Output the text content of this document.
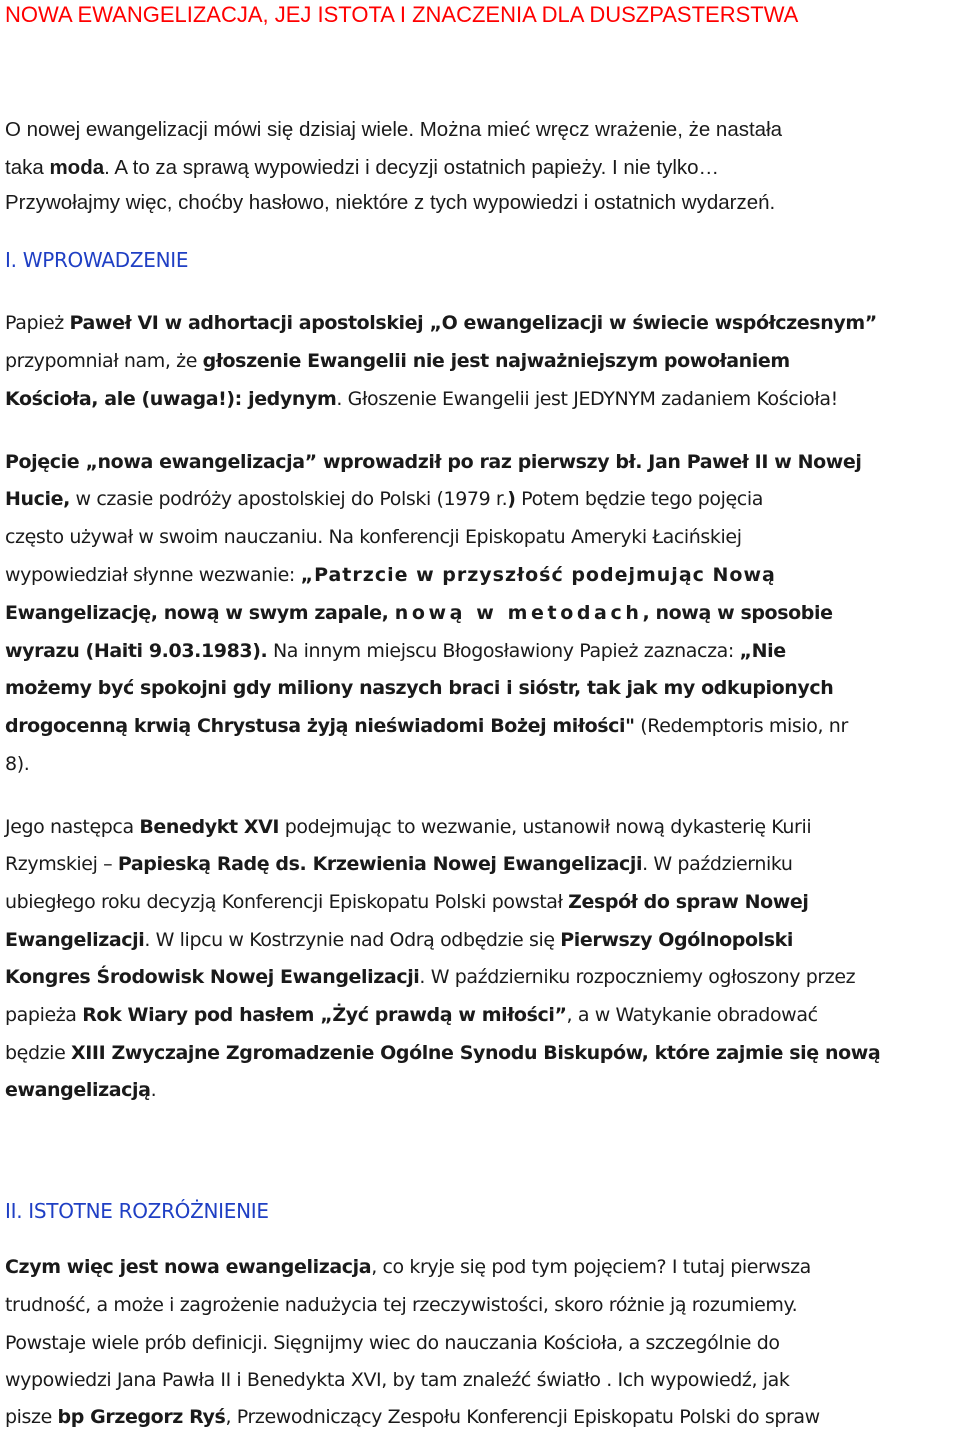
NOWA EWANGELIZACJA, JEJ ISTOTA I ZNACZENIA DLA DUSZPASTERSTWA
O nowej ewangelizacji mówi się dzisiaj wiele. Można mieć wręcz wrażenie, że nastała
taka moda. A to za sprawą wypowiedzi i decyzji ostatnich papieży. I nie tylko…
Przywołajmy więc, choćby hasłowo, niektóre z tych wypowiedzi i ostatnich wydarzeń.
I. WPROWADZENIE
Papież Paweł VI w adhortacji apostolskiej „O ewangelizacji w świecie współczesnym”
przypomniał nam, że głoszenie Ewangelii nie jest najważniejszym powołaniem
Kościoła, ale (uwaga!): jedynym. Głoszenie Ewangelii jest JEDYNYM zadaniem Kościoła!
Pojęcie „nowa ewangelizacja” wprowadził po raz pierwszy bł. Jan Paweł II w Nowej
Hucie, w czasie podróży apostolskiej do Polski (1979 r.) Potem będzie tego pojęcia
często używał w swoim nauczaniu. Na konferencji Episkopatu Ameryki Łacińskiej
wypowiedział słynne wezwanie: „Patrzcie w przyszłość podejmując Nową
Ewangelizację, nową w swym zapale, nową w metodach, nową w sposobie
wyrazu (Haiti 9.03.1983). Na innym miejscu Błogosławiony Papież zaznacza: „Nie
możemy być spokojni gdy miliony naszych braci i sióstr, tak jak my odkupionych
drogocenną krwią Chrystusa żyją nieświadomi Bożej miłości" (Redemptoris misio, nr
8).
Jego następca Benedykt XVI podejmując to wezwanie, ustanowił nową dykasterię Kurii
Rzymskiej – Papieską Radę ds. Krzewienia Nowej Ewangelizacji. W październiku
ubiegłego roku decyzją Konferencji Episkopatu Polski powstał Zespół do spraw Nowej
Ewangelizacji. W lipcu w Kostrzynie nad Odrą odbędzie się Pierwszy Ogólnopolski
Kongres Środowisk Nowej Ewangelizacji. W październiku rozpoczniemy ogłoszony przez
papieża Rok Wiary pod hasłem „Żyć prawdą w miłości”, a w Watykanie obradować
będzie XIII Zwyczajne Zgromadzenie Ogólne Synodu Biskupów, które zajmie się nową
ewangelizacją.
II. ISTOTNE ROZRÓŻNIENIE
Czym więc jest nowa ewangelizacja, co kryje się pod tym pojęciem? I tutaj pierwsza
trudność, a może i zagrożenie nadużycia tej rzeczywistości, skoro różnie ją rozumiemy.
Powstaje wiele prób definicji. Sięgnijmy wiec do nauczania Kościoła, a szczególnie do
wypowiedzi Jana Pawła II i Benedykta XVI, by tam znaleźć światło . Ich wypowiedź, jak
pisze bp Grzegorz Ryś, Przewodniczący Zespołu Konferencji Episkopatu Polski do spraw
